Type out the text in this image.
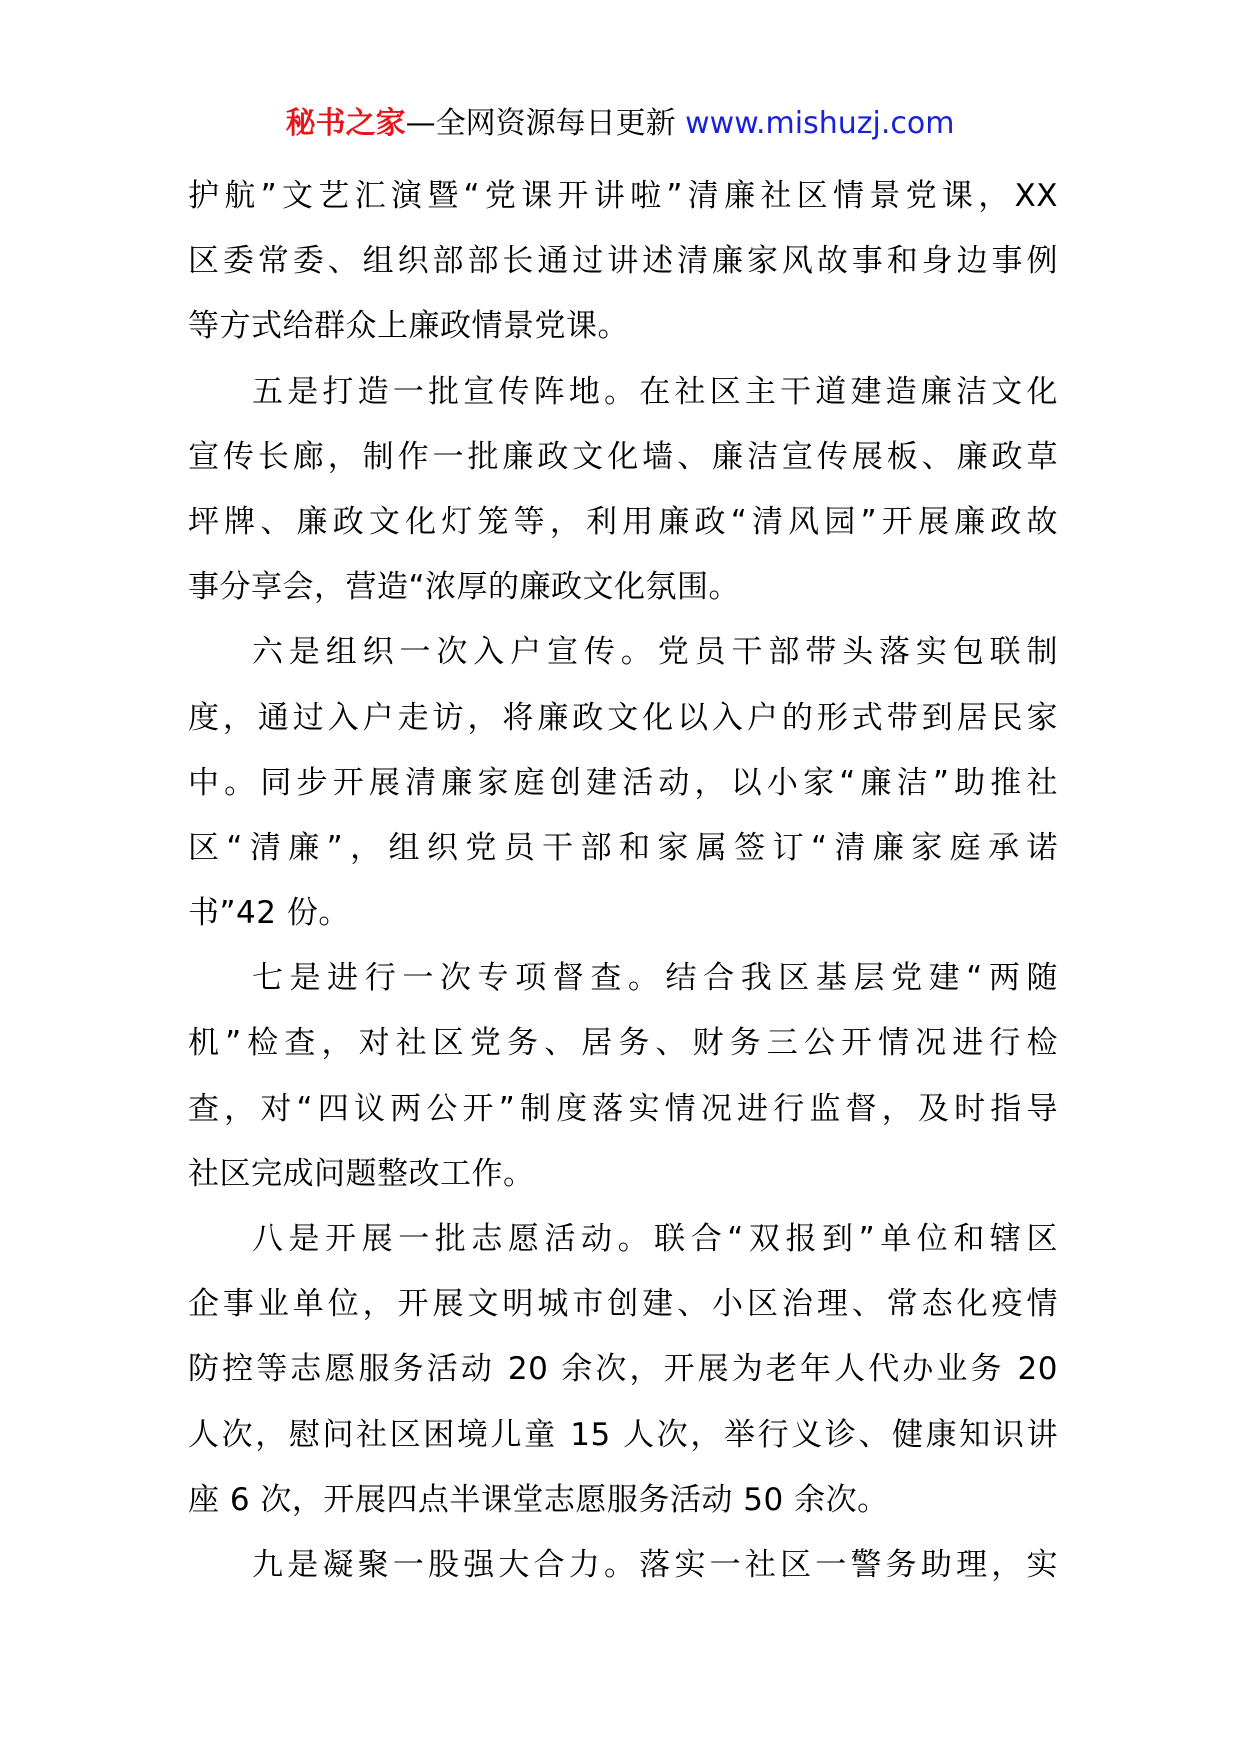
秘书之家—全网资源每日更新 www.mishuzj.com
护航”文艺汇演暨“党课开讲啦”清廉社区情景党课，XX
区委常委、组织部部长通过讲述清廉家风故事和身边事例
等方式给群众上廉政情景党课。
五是打造一批宣传阵地。在社区主干道建造廉洁文化
宣传长廊，制作一批廉政文化墙、廉洁宣传展板、廉政草
坪牌、廉政文化灯笼等，利用廉政“清风园”开展廉政故
事分享会，营造“浓厚的廉政文化氛围。
六是组织一次入户宣传。党员干部带头落实包联制
度，通过入户走访，将廉政文化以入户的形式带到居民家
中。同步开展清廉家庭创建活动，以小家“廉洁”助推社
区“清廉”，组织党员干部和家属签订“清廉家庭承诺
书”42 份。
七是进行一次专项督查。结合我区基层党建“两随
机”检查，对社区党务、居务、财务三公开情况进行检
查，对“四议两公开”制度落实情况进行监督，及时指导
社区完成问题整改工作。
八是开展一批志愿活动。联合“双报到”单位和辖区
企事业单位，开展文明城市创建、小区治理、常态化疫情
防控等志愿服务活动 20 余次，开展为老年人代办业务 20
人次，慰问社区困境儿童 15 人次，举行义诊、健康知识讲
座 6 次，开展四点半课堂志愿服务活动 50 余次。
九是凝聚一股强大合力。落实一社区一警务助理，实
